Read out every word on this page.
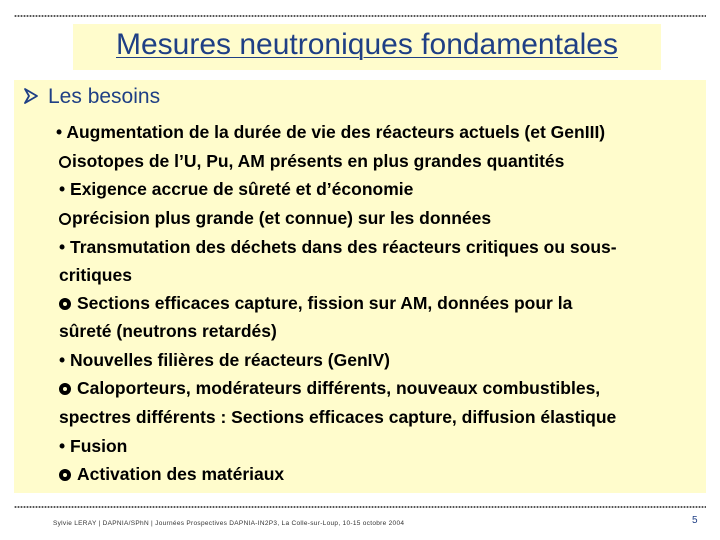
Mesures neutroniques fondamentales
Les besoins
• Augmentation de la durée de vie des réacteurs actuels (et GenIII)
isotopes de l’U, Pu, AM présents en plus grandes quantités
• Exigence accrue de sûreté et d’économie
précision plus grande (et connue) sur les données
• Transmutation des déchets dans des réacteurs critiques ou sous-
critiques
Sections efficaces capture, fission sur AM, données pour la
sûreté (neutrons retardés)
• Nouvelles filières de réacteurs (GenIV)
Caloporteurs, modérateurs différents, nouveaux combustibles,
spectres différents : Sections efficaces capture, diffusion élastique
• Fusion
Activation des matériaux
Sylvie LERAY | DAPNIA/SPhN | Journées Prospectives DAPNIA-IN2P3, La Colle-sur-Loup, 10-15 octobre 2004	5
